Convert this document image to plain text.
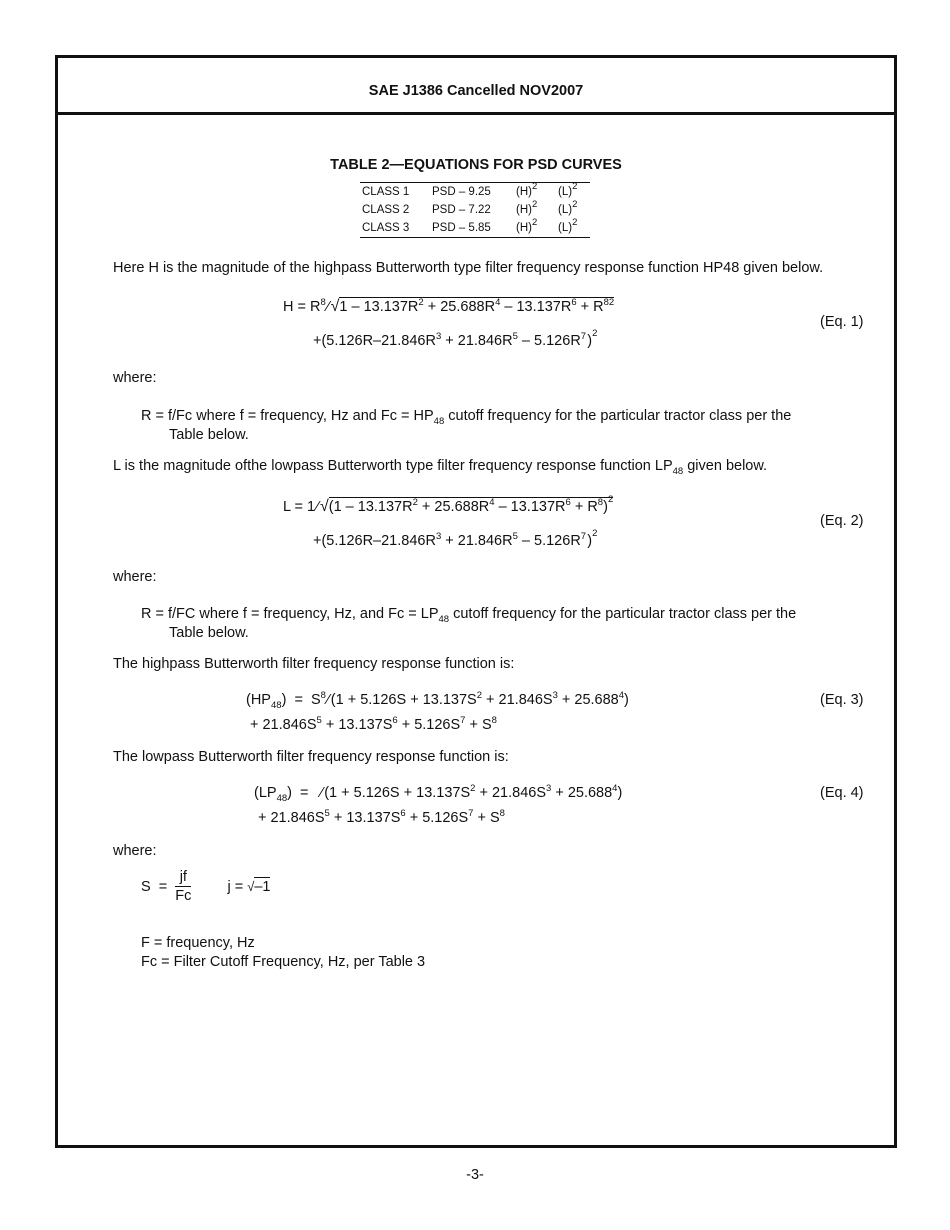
SAE J1386 Cancelled NOV2007
TABLE 2—EQUATIONS FOR PSD CURVES
CLASS 1	PSD – 9.25	$(H)^2$	$(L)^2$
CLASS 2	PSD – 7.22	$(H)^2$	$(L)^2$
CLASS 3	PSD – 5.85	$(H)^2$	$(L)^2$
Here H is the magnitude of the highpass Butterworth type filter frequency response function HP48 given below.
$H = R^8$ ∕ $√1 - 13.137R^2 + 25.688R^4 - 13.137R^6 + R^{82}$
$+(5.126R-21.846R^3 + 21.846R^5 - 5.126R^7$ )$^2$
(Eq. 1)
where:
R = f/Fc where f = frequency, Hz and $Fc = HP_{48}$ cutoff frequency for the particular tractor class per the
Table below.
L is the magnitude ofthe lowpass Butterworth type filter frequency response function $LP_{48}$ given below.
L = 1 ∕ $√(1 - 13.137R^2 + 25.688R^4 - 13.137R^6 + R^8)^2$
$+(5.126R-21.846R^3 + 21.846R^5 - 5.126R^7$ )$^2$
(Eq. 2)
where:
R = f/FC where f = frequency, Hz, and $Fc = LP_{48}$ cutoff frequency for the particular tractor class per the
Table below.
The highpass Butterworth filter frequency response function is:
$(HP_{48}) = S^8$ ∕ $(1 + 5.126S + 13.137S^2 + 21.846S^3 + 25.688^4)$
+ $21.846S^5 + 13.137S^6 + 5.126S^7 + S^8$
(Eq. 3)
The lowpass Butterworth filter frequency response function is:
$(LP_{48})$  =   ∕ $(1 + 5.126S + 13.137S^2 + 21.846S^3 + 25.688^4)$
+ $21.846S^5 + 13.137S^6 + 5.126S^7 + S^8$
(Eq. 4)
where:
$S = \frac{jf}{Fc}$ j = √–1
F = frequency, Hz
Fc = Filter Cutoff Frequency, Hz, per Table 3
-3-
